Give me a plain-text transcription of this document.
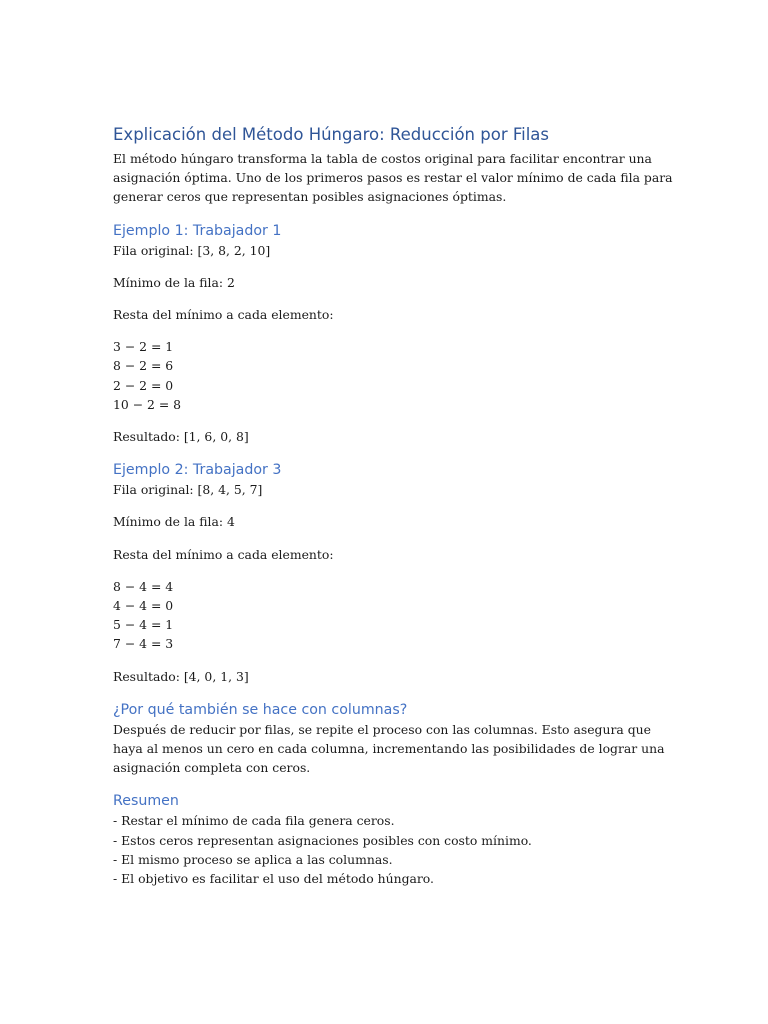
Explicación del Método Húngaro: Reducción por Filas

El método húngaro transforma la tabla de costos original para facilitar encontrar una asignación óptima. Uno de los primeros pasos es restar el valor mínimo de cada fila para generar ceros que representan posibles asignaciones óptimas.

Ejemplo 1: Trabajador 1

Fila original: [3, 8, 2, 10]

Mínimo de la fila: 2

Resta del mínimo a cada elemento:

3 − 2 = 1
8 − 2 = 6
2 − 2 = 0
10 − 2 = 8

Resultado: [1, 6, 0, 8]

Ejemplo 2: Trabajador 3

Fila original: [8, 4, 5, 7]

Mínimo de la fila: 4

Resta del mínimo a cada elemento:

8 − 4 = 4
4 − 4 = 0
5 − 4 = 1
7 − 4 = 3

Resultado: [4, 0, 1, 3]

¿Por qué también se hace con columnas?

Después de reducir por filas, se repite el proceso con las columnas. Esto asegura que haya al menos un cero en cada columna, incrementando las posibilidades de lograr una asignación completa con ceros.

Resumen
- Restar el mínimo de cada fila genera ceros.
- Estos ceros representan asignaciones posibles con costo mínimo.
- El mismo proceso se aplica a las columnas.
- El objetivo es facilitar el uso del método húngaro.
